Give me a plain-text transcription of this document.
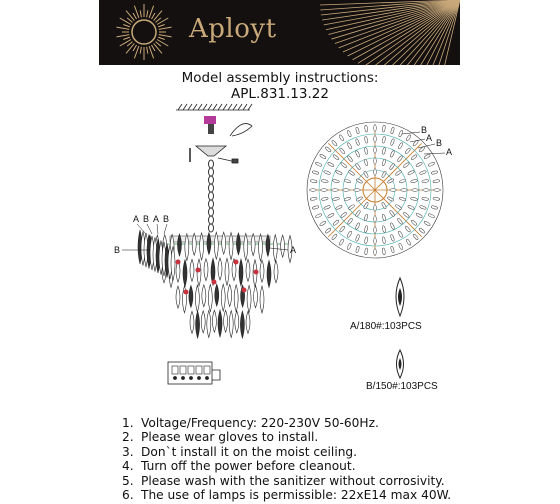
Aployt
Model assembly instructions:
APL.831.13.22
A B A B
B	A
B
A B
A
A/180#:103PCS
B/150#:103PCS
1. Voltage/Frequency: 220-230V 50-60Hz.
2. Please wear gloves to install.
3. Don`t install it on the moist ceiling.
4. Turn off the power before cleanout.
5. Please wash with the sanitizer without corrosivity.
6. The use of lamps is permissible: 22xE14 max 40W.
